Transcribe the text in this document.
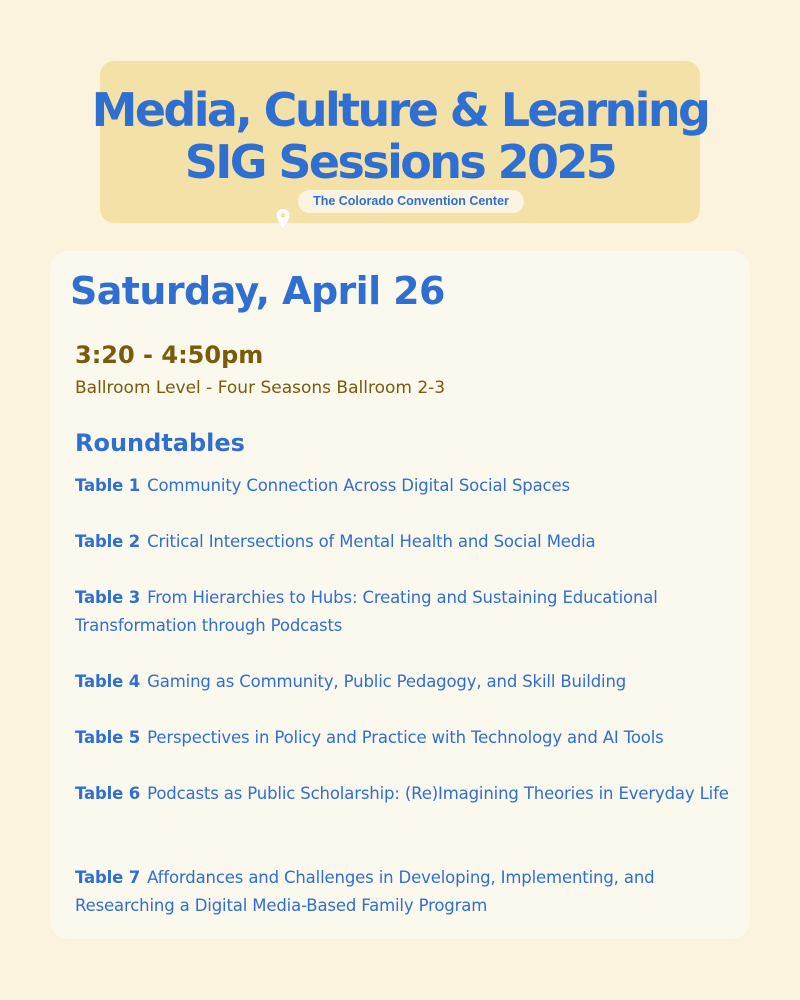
Media, Culture & Learning
SIG Sessions 2025
The Colorado Convention Center
Saturday, April 26
3:20 - 4:50pm
Ballroom Level - Four Seasons Ballroom 2-3
Roundtables
Table 1 Community Connection Across Digital Social Spaces
Table 2 Critical Intersections of Mental Health and Social Media
Table 3 From Hierarchies to Hubs: Creating and Sustaining Educational Transformation through Podcasts
Table 4 Gaming as Community, Public Pedagogy, and Skill Building
Table 5 Perspectives in Policy and Practice with Technology and AI Tools
Table 6 Podcasts as Public Scholarship: (Re)Imagining Theories in Everyday Life
Table 7 Affordances and Challenges in Developing, Implementing, and Researching a Digital Media-Based Family Program
